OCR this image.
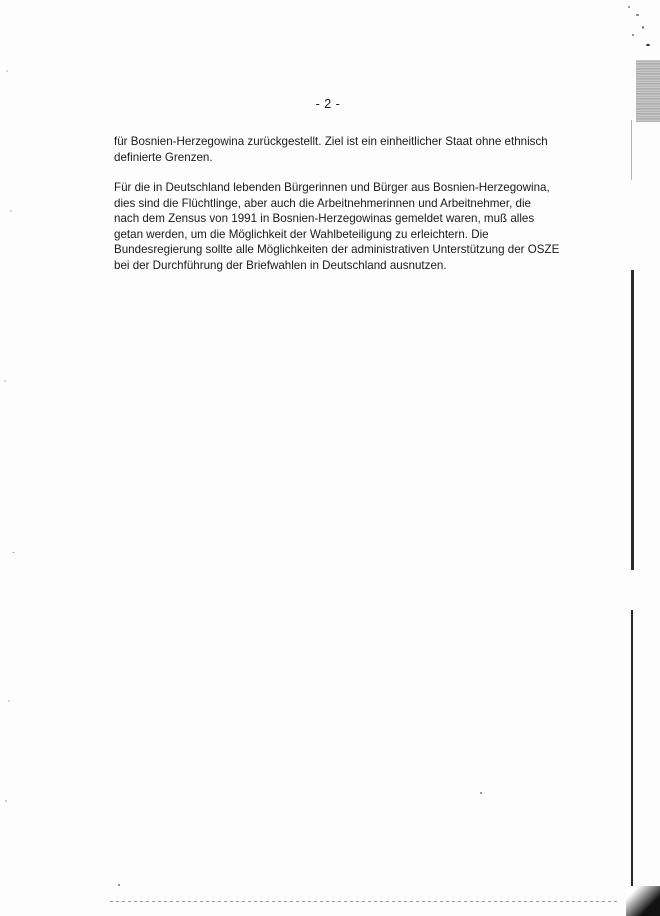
- 2 -
für Bosnien-Herzegowina zurückgestellt. Ziel ist ein einheitlicher Staat ohne ethnisch
definierte Grenzen.
Für die in Deutschland lebenden Bürgerinnen und Bürger aus Bosnien-Herzegowina,
dies sind die Flüchtlinge, aber auch die Arbeitnehmerinnen und Arbeitnehmer, die
nach dem Zensus von 1991 in Bosnien-Herzegowinas gemeldet waren, muß alles
getan werden, um die Möglichkeit der Wahlbeteiligung zu erleichtern. Die
Bundesregierung sollte alle Möglichkeiten der administrativen Unterstützung der OSZE
bei der Durchführung der Briefwahlen in Deutschland ausnutzen.
